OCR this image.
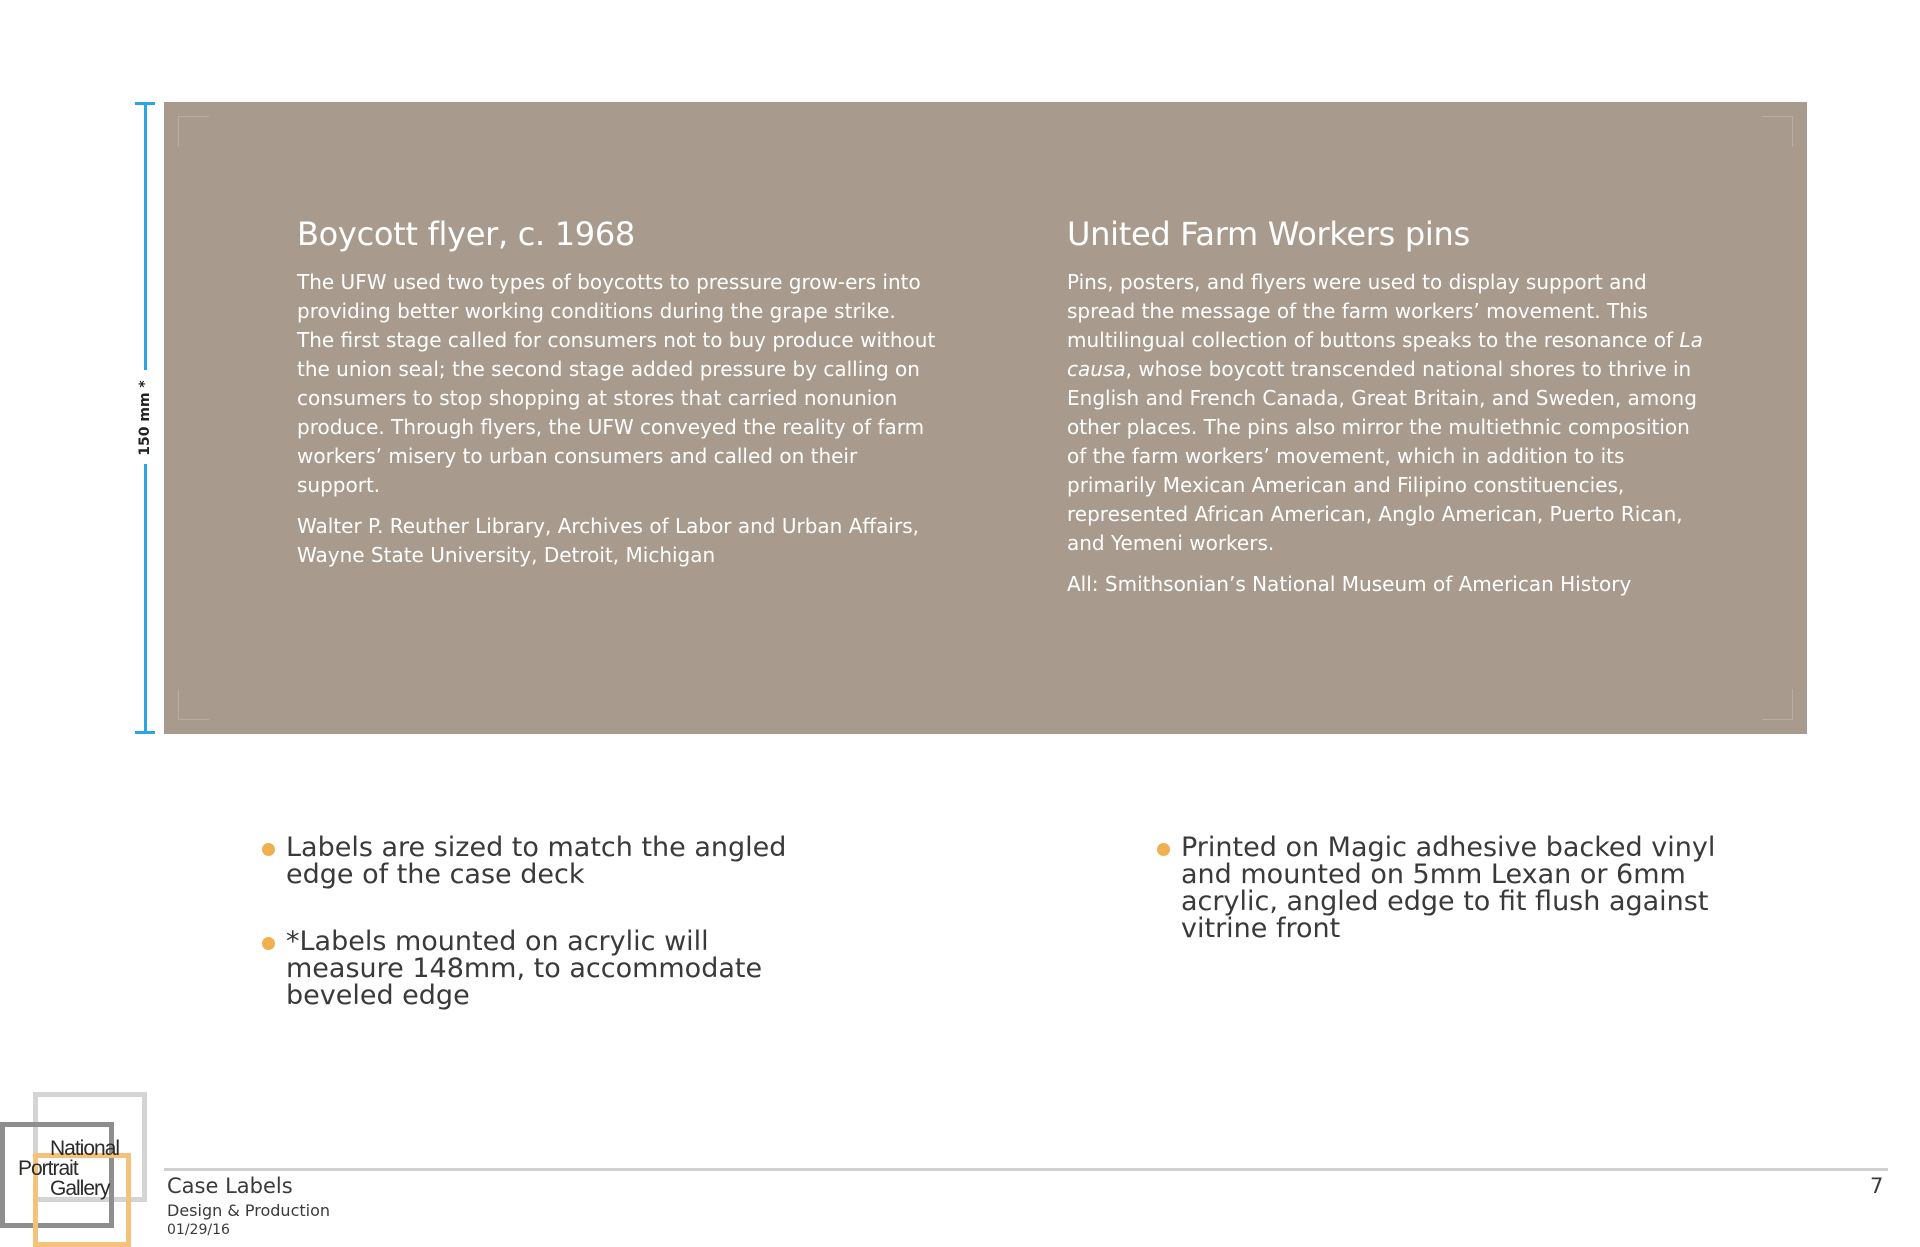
150 mm *
Boycott flyer, c. 1968

The UFW used two types of boycotts to pressure grow-ers into providing better working conditions during the grape strike. The first stage called for consumers not to buy produce without the union seal; the second stage added pressure by calling on consumers to stop shopping at stores that carried nonunion produce. Through flyers, the UFW conveyed the reality of farm workers’ misery to urban consumers and called on their support.

Walter P. Reuther Library, Archives of Labor and Urban Affairs, Wayne State University, Detroit, Michigan

United Farm Workers pins

Pins, posters, and flyers were used to display support and spread the message of the farm workers’ movement. This multilingual collection of buttons speaks to the resonance of La causa, whose boycott transcended national shores to thrive in English and French Canada, Great Britain, and Sweden, among other places. The pins also mirror the multiethnic composition of the farm workers’ movement, which in addition to its primarily Mexican American and Filipino constituencies, represented African American, Anglo American, Puerto Rican, and Yemeni workers.

All: Smithsonian’s National Museum of American History

Labels are sized to match the angled edge of the case deck
*Labels mounted on acrylic will measure 148mm, to accommodate beveled edge
Printed on Magic adhesive backed vinyl and mounted on 5mm Lexan or 6mm acrylic, angled edge to fit flush against vitrine front
National
Portrait
Gallery	Case Labels
Design & Production
01/29/16
7
